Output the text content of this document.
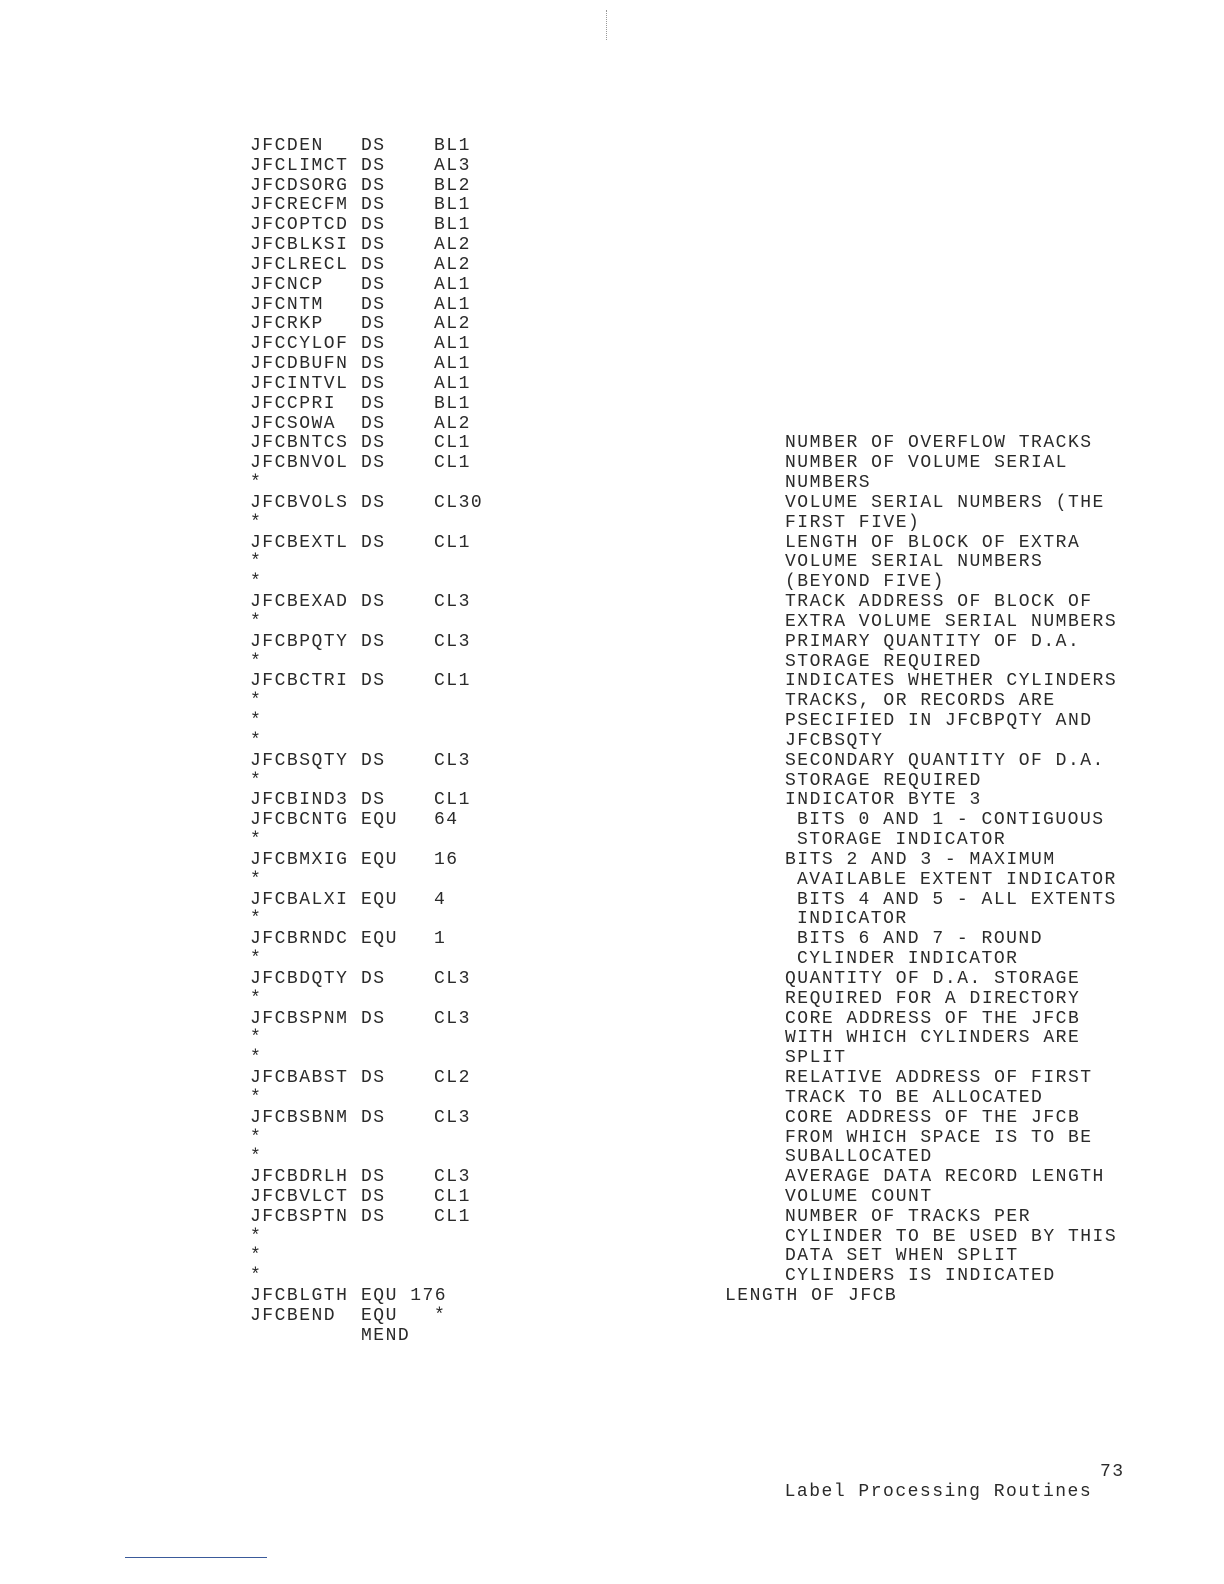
JFCDEN DS	BL1
JFCLIMCT DS	AL3
JFCDSORG DS	BL2
JFCRECFM DS	BL1
JFCOPTCD DS	BL1
JFCBLKSI DS	AL2
JFCLRECL DS	AL2
JFCNCP DS	AL1
JFCNTM DS	AL1
JFCRKP DS	AL2
JFCCYLOF DS	AL1
JFCDBUFN DS	AL1
JFCINTVL DS	AL1
JFCCPRI DS	BL1
JFCSOWA DS	AL2
JFCBNTCS DS	CL1	NUMBER OF OVERFLOW TRACKS
JFCBNVOL DS	CL1	NUMBER OF VOLUME SERIAL
*	NUMBERS
JFCBVOLS DS	CL30	VOLUME SERIAL NUMBERS (THE
*	FIRST FIVE)
JFCBEXTL DS	CL1	LENGTH OF BLOCK OF EXTRA
*	VOLUME SERIAL NUMBERS
*	(BEYOND FIVE)
JFCBEXAD DS	CL3	TRACK ADDRESS OF BLOCK OF
*	EXTRA VOLUME SERIAL NUMBERS
JFCBPQTY DS	CL3	PRIMARY QUANTITY OF D.A.
*	STORAGE REQUIRED
JFCBCTRI DS	CL1	INDICATES WHETHER CYLINDERS
*	TRACKS, OR RECORDS ARE
*	PSECIFIED IN JFCBPQTY AND
*	JFCBSQTY
JFCBSQTY DS	CL3	SECONDARY QUANTITY OF D.A.
*	STORAGE REQUIRED
JFCBIND3 DS	CL1	INDICATOR BYTE 3
JFCBCNTG EQU 64	BITS 0 AND 1 - CONTIGUOUS
*	STORAGE INDICATOR
JFCBMXIG EQU 16	BITS 2 AND 3 - MAXIMUM
*	AVAILABLE EXTENT INDICATOR
JFCBALXI EQU 4	BITS 4 AND 5 - ALL EXTENTS
*	INDICATOR
JFCBRNDC EQU 1	BITS 6 AND 7 - ROUND
*	CYLINDER INDICATOR
JFCBDQTY DS	CL3	QUANTITY OF D.A. STORAGE
*	REQUIRED FOR A DIRECTORY
JFCBSPNM DS	CL3	CORE ADDRESS OF THE JFCB
*	WITH WHICH CYLINDERS ARE
*	SPLIT
JFCBABST DS	CL2	RELATIVE ADDRESS OF FIRST
*	TRACK TO BE ALLOCATED
JFCBSBNM DS	CL3	CORE ADDRESS OF THE JFCB
*	FROM WHICH SPACE IS TO BE
*	SUBALLOCATED
JFCBDRLH DS	CL3	AVERAGE DATA RECORD LENGTH
JFCBVLCT DS	CL1	VOLUME COUNT
JFCBSPTN DS	CL1	NUMBER OF TRACKS PER
*	CYLINDER TO BE USED BY THIS
*	DATA SET WHEN SPLIT
*	CYLINDERS IS INDICATED
JFCBLGTH EQU 176	LENGTH OF JFCB
JFCBEND EQU *
MEND

Label Processing Routines

73
